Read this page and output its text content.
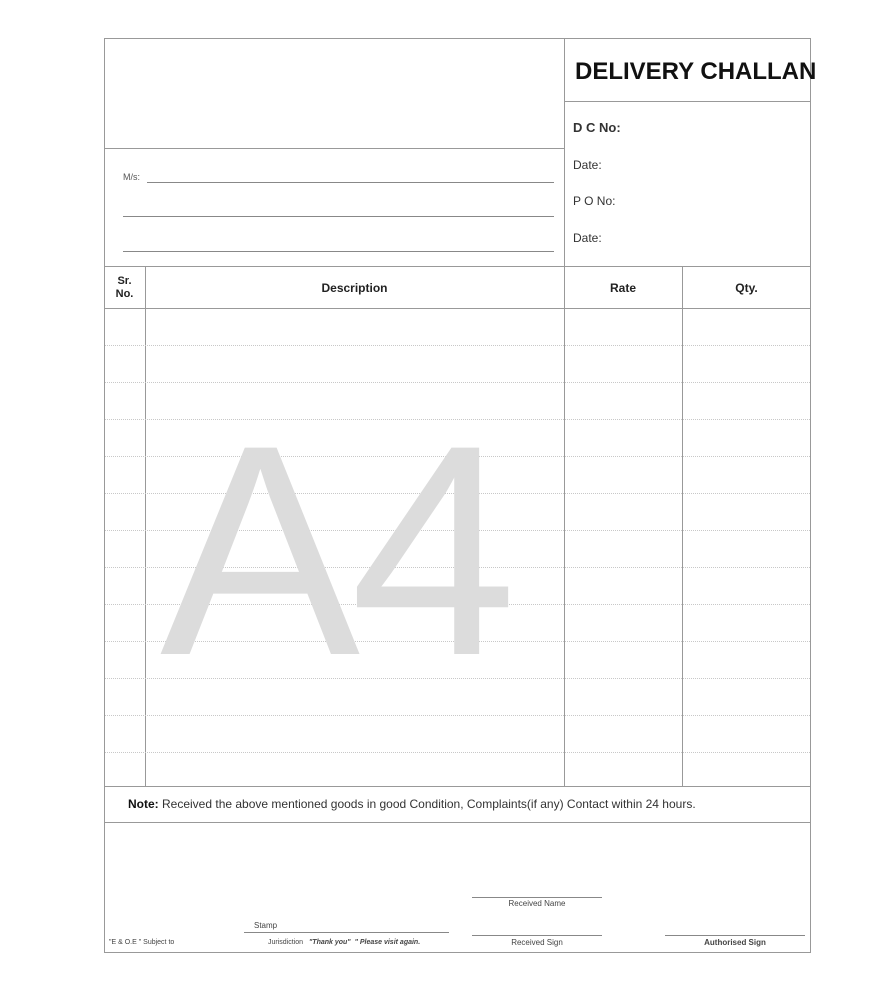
DELIVERY CHALLAN
D C No:
Date:
P O No:
Date:
M/s:
Sr.
No.	Description	Rate	Qty.
A4
Note: Received the above mentioned goods in good Condition, Complaints(if any) Contact within 24 hours.
Received Name
Stamp
"E & O.E " Subject to	Jurisdiction "Thank you" " Please visit again.	Received Sign	Authorised Sign
